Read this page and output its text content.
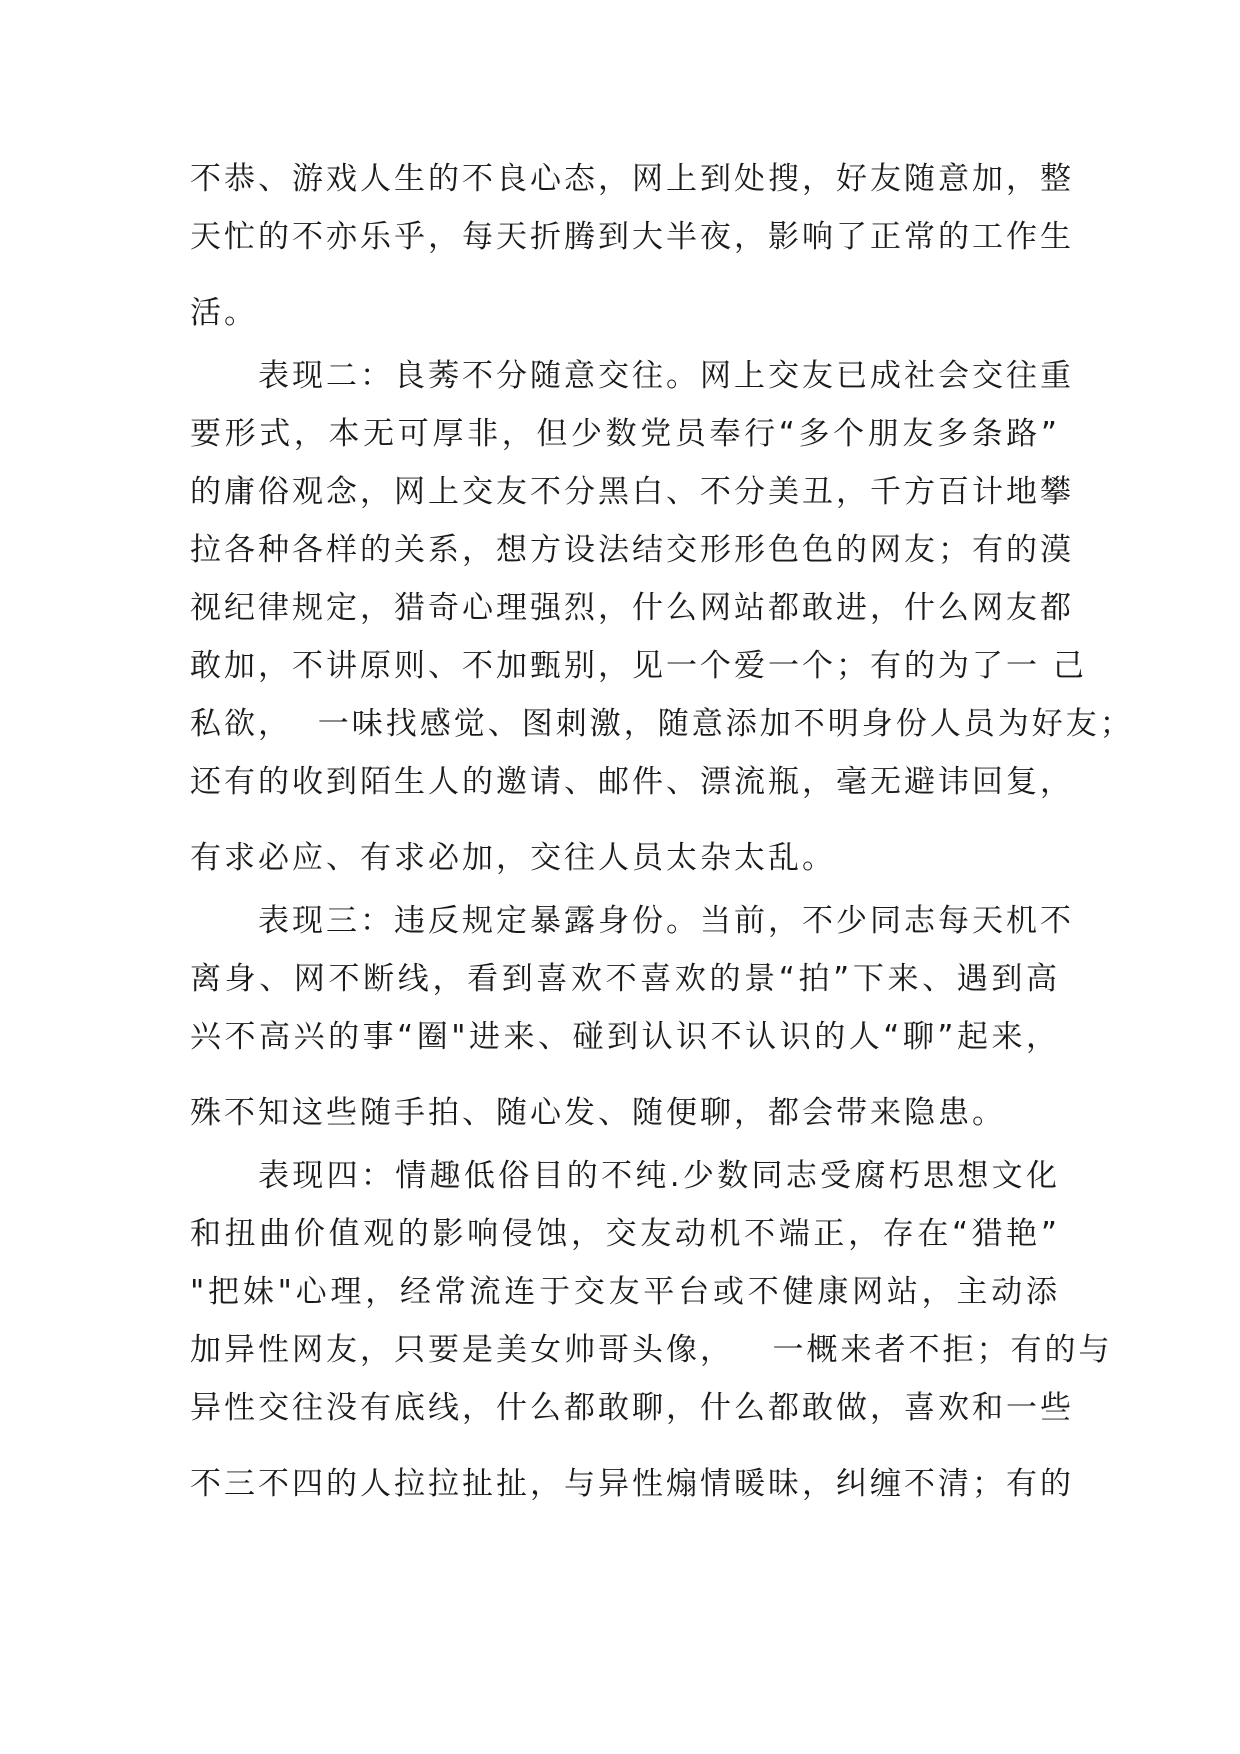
不恭、游戏人生的不良心态，网上到处搜，好友随意加，整
天忙的不亦乐乎，每天折腾到大半夜，影响了正常的工作生
活。
表现二：良莠不分随意交往。网上交友已成社会交往重
要形式，本无可厚非，但少数党员奉行“多个朋友多条路”
的庸俗观念，网上交友不分黑白、不分美丑，千方百计地攀
拉各种各样的关系，想方设法结交形形色色的网友；有的漠
视纪律规定，猎奇心理强烈，什么网站都敢进，什么网友都
敢加，不讲原则、不加甄别，见一个爱一个；有的为了一 己
私欲，  一味找感觉、图刺激，随意添加不明身份人员为好友；
还有的收到陌生人的邀请、邮件、漂流瓶，毫无避讳回复，
有求必应、有求必加，交往人员太杂太乱。
表现三：违反规定暴露身份。当前，不少同志每天机不
离身、网不断线，看到喜欢不喜欢的景“拍”下来、遇到高
兴不高兴的事“圈"进来、碰到认识不认识的人“聊”起来，
殊不知这些随手拍、随心发、随便聊，都会带来隐患。
表现四：情趣低俗目的不纯.少数同志受腐朽思想文化
和扭曲价值观的影响侵蚀，交友动机不端正，存在“猎艳”
"把妹"心理，经常流连于交友平台或不健康网站，主动添
加异性网友，只要是美女帅哥头像，   一概来者不拒；有的与
异性交往没有底线，什么都敢聊，什么都敢做，喜欢和一些
不三不四的人拉拉扯扯，与异性煽情暖昧，纠缠不清；有的
